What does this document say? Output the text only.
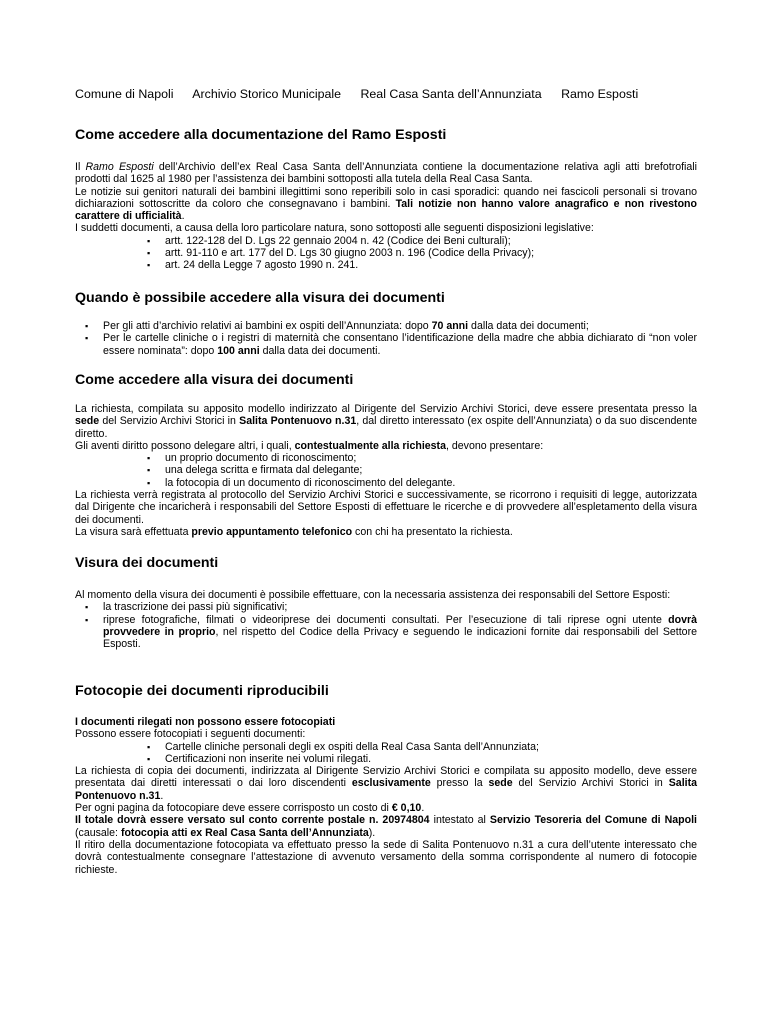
Comune di Napoli Archivio Storico Municipale Real Casa Santa dell’Annunziata Ramo Esposti
Come accedere alla documentazione del Ramo Esposti

Il Ramo Esposti dell’Archivio dell’ex Real Casa Santa dell’Annunziata contiene la documentazione relativa agli atti brefotrofiali prodotti dal 1625 al 1980 per l’assistenza dei bambini sottoposti alla tutela della Real Casa Santa.

Le notizie sui genitori naturali dei bambini illegittimi sono reperibili solo in casi sporadici: quando nei fascicoli personali si trovano dichiarazioni sottoscritte da coloro che consegnavano i bambini. Tali notizie non hanno valore anagrafico e non rivestono carattere di ufficialità.

I suddetti documenti, a causa della loro particolare natura, sono sottoposti alle seguenti disposizioni legislative:

▪ artt. 122-128 del D. Lgs 22 gennaio 2004 n. 42 (Codice dei Beni culturali);
▪ artt. 91-110 e art. 177 del D. Lgs 30 giugno 2003 n. 196 (Codice della Privacy);
▪ art. 24 della Legge 7 agosto 1990 n. 241.
Quando è possibile accedere alla visura dei documenti
▪ Per gli atti d’archivio relativi ai bambini ex ospiti dell’Annunziata: dopo 70 anni dalla data dei documenti;
▪ Per le cartelle cliniche o i registri di maternità che consentano l’identificazione della madre che abbia dichiarato di “non voler essere nominata”: dopo 100 anni dalla data dei documenti.
Come accedere alla visura dei documenti

La richiesta, compilata su apposito modello indirizzato al Dirigente del Servizio Archivi Storici, deve essere presentata presso la sede del Servizio Archivi Storici in Salita Pontenuovo n.31, dal diretto interessato (ex ospite dell’Annunziata) o da suo discendente diretto.

Gli aventi diritto possono delegare altri, i quali, contestualmente alla richiesta, devono presentare:

▪ un proprio documento di riconoscimento;
▪ una delega scritta e firmata dal delegante;
▪ la fotocopia di un documento di riconoscimento del delegante.

La richiesta verrà registrata al protocollo del Servizio Archivi Storici e successivamente, se ricorrono i requisiti di legge, autorizzata dal Dirigente che incaricherà i responsabili del Settore Esposti di effettuare le ricerche e di provvedere all’espletamento della visura dei documenti.

La visura sarà effettuata previo appuntamento telefonico con chi ha presentato la richiesta.

Visura dei documenti

Al momento della visura dei documenti è possibile effettuare, con la necessaria assistenza dei responsabili del Settore Esposti:

▪ la trascrizione dei passi più significativi;
▪ riprese fotografiche, filmati o videoriprese dei documenti consultati. Per l’esecuzione di tali riprese ogni utente dovrà provvedere in proprio, nel rispetto del Codice della Privacy e seguendo le indicazioni fornite dai responsabili del Settore Esposti.
Fotocopie dei documenti riproducibili

I documenti rilegati non possono essere fotocopiati

Possono essere fotocopiati i seguenti documenti:

▪ Cartelle cliniche personali degli ex ospiti della Real Casa Santa dell’Annunziata;
▪ Certificazioni non inserite nei volumi rilegati.

La richiesta di copia dei documenti, indirizzata al Dirigente Servizio Archivi Storici e compilata su apposito modello, deve essere presentata dai diretti interessati o dai loro discendenti esclusivamente presso la sede del Servizio Archivi Storici in Salita Pontenuovo n.31.

Per ogni pagina da fotocopiare deve essere corrisposto un costo di € 0,10.

Il totale dovrà essere versato sul conto corrente postale n. 20974804 intestato al Servizio Tesoreria del Comune di Napoli (causale: fotocopia atti ex Real Casa Santa dell’Annunziata).

Il ritiro della documentazione fotocopiata va effettuato presso la sede di Salita Pontenuovo n.31 a cura dell’utente interessato che dovrà contestualmente consegnare l’attestazione di avvenuto versamento della somma corrispondente al numero di fotocopie richieste.
